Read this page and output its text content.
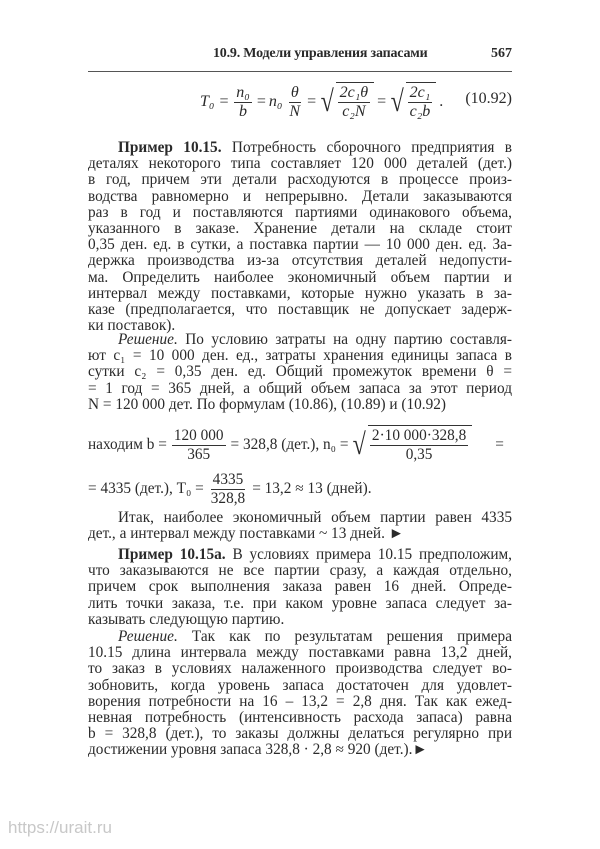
10.9. Модели управления запасами	567
$T_0 = \frac{\text{n₀}}{b} = n_0 \frac{\theta}{N}$ = √ $\frac{\text{2c₁θ}}{\text{c₂N}}$ = √ $\frac{\text{2c₁}}{\text{c₂b}}$ . (10.92)
Пример 10.15. Потребность сборочного предприятия в
деталях некоторого типа составляет 120 000 деталей (дет.)
в год, причем эти детали расходуются в процессе произ-
водства равномерно и непрерывно. Детали заказываются
раз в год и поставляются партиями одинакового объема,
указанного в заказе. Хранение детали на складе стоит
0,35 ден. ед. в сутки, а поставка партии — 10 000 ден. ед. За-
держка производства из-за отсутствия деталей недопусти-
ма. Определить наиболее экономичный объем партии и
интервал между поставками, которые нужно указать в за-
казе (предполагается, что поставщик не допускает задерж-
ки поставок).
Решение. По условию затраты на одну партию составля-
ют c₁ = 10 000 ден. ед., затраты хранения единицы запаса в
сутки c₂ = 0,35 ден. ед. Общий промежуток времени θ =
= 1 год = 365 дней, а общий объем запаса за этот период
N = 120 000 дет. По формулам (10.86), (10.89) и (10.92)
находим $b = \frac{120 000}{365} = 328,8$ (дет.), n₀ = √ $\frac{2\cdot 10 000\cdot 328,8}{0,35}$ =
= 4335 (дет.), $T_0 = \frac{4335}{328,8} = 13,2 \approx 13$ (дней).
Итак, наиболее экономичный объем партии равен 4335
дет., а интервал между поставками ~ 13 дней. ►
Пример 10.15а. В условиях примера 10.15 предположим,
что заказываются не все партии сразу, а каждая отдельно,
причем срок выполнения заказа равен 16 дней. Опреде-
лить точки заказа, т.е. при каком уровне запаса следует за-
казывать следующую партию.
Решение. Так как по результатам решения примера
10.15 длина интервала между поставками равна 13,2 дней,
то заказ в условиях налаженного производства следует во-
зобновить, когда уровень запаса достаточен для удовлет-
ворения потребности на 16 – 13,2 = 2,8 дня. Так как ежед-
невная потребность (интенсивность расхода запаса) равна
b = 328,8 (дет.), то заказы должны делаться регулярно при
достижении уровня запаса 328,8 · 2,8 ≈ 920 (дет.).►
https://urait.ru
